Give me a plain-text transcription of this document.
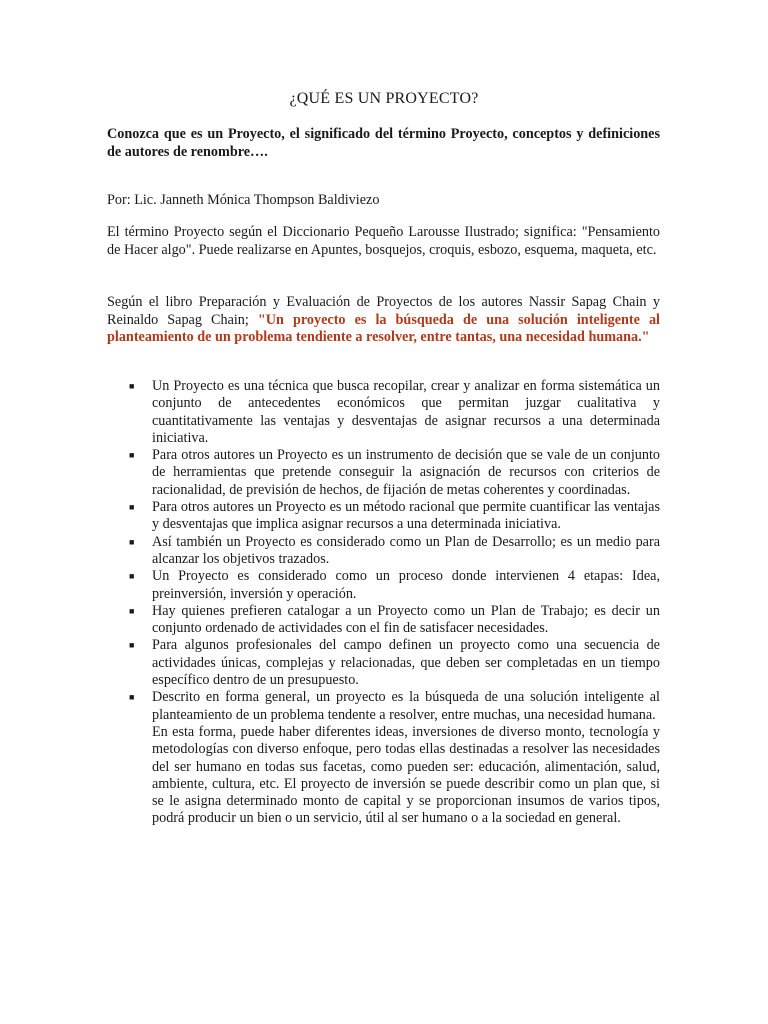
¿QUÉ ES UN PROYECTO?
Conozca que es un Proyecto, el significado del término Proyecto, conceptos y definiciones de autores de renombre….
Por: Lic. Janneth Mónica Thompson Baldiviezo
El término Proyecto según el Diccionario Pequeño Larousse Ilustrado; significa: "Pensamiento de Hacer algo". Puede realizarse en Apuntes, bosquejos, croquis, esbozo, esquema, maqueta, etc.
Según el libro Preparación y Evaluación de Proyectos de los autores Nassir Sapag Chain y Reinaldo Sapag Chain; "Un proyecto es la búsqueda de una solución inteligente al planteamiento de un problema tendiente a resolver, entre tantas, una necesidad humana."
■ Un Proyecto es una técnica que busca recopilar, crear y analizar en forma sistemática un conjunto de antecedentes económicos que permitan juzgar cualitativa y cuantitativamente las ventajas y desventajas de asignar recursos a una determinada iniciativa.
■ Para otros autores un Proyecto es un instrumento de decisión que se vale de un conjunto de herramientas que pretende conseguir la asignación de recursos con criterios de racionalidad, de previsión de hechos, de fijación de metas coherentes y coordinadas.
■ Para otros autores un Proyecto es un método racional que permite cuantificar las ventajas y desventajas que implica asignar recursos a una determinada iniciativa.
■ Así también un Proyecto es considerado como un Plan de Desarrollo; es un medio para alcanzar los objetivos trazados.
■ Un Proyecto es considerado como un proceso donde intervienen 4 etapas: Idea, preinversión, inversión y operación.
■ Hay quienes prefieren catalogar a un Proyecto como un Plan de Trabajo; es decir un conjunto ordenado de actividades con el fin de satisfacer necesidades.
■ Para algunos profesionales del campo definen un proyecto como una secuencia de actividades únicas, complejas y relacionadas, que deben ser completadas en un tiempo específico dentro de un presupuesto.
■ Descrito en forma general, un proyecto es la búsqueda de una solución inteligente al planteamiento de un problema tendente a resolver, entre muchas, una necesidad humana.
En esta forma, puede haber diferentes ideas, inversiones de diverso monto, tecnología y metodologías con diverso enfoque, pero todas ellas destinadas a resolver las necesidades del ser humano en todas sus facetas, como pueden ser: educación, alimentación, salud, ambiente, cultura, etc. El proyecto de inversión se puede describir como un plan que, si se le asigna determinado monto de capital y se proporcionan insumos de varios tipos, podrá producir un bien o un servicio, útil al ser humano o a la sociedad en general.
